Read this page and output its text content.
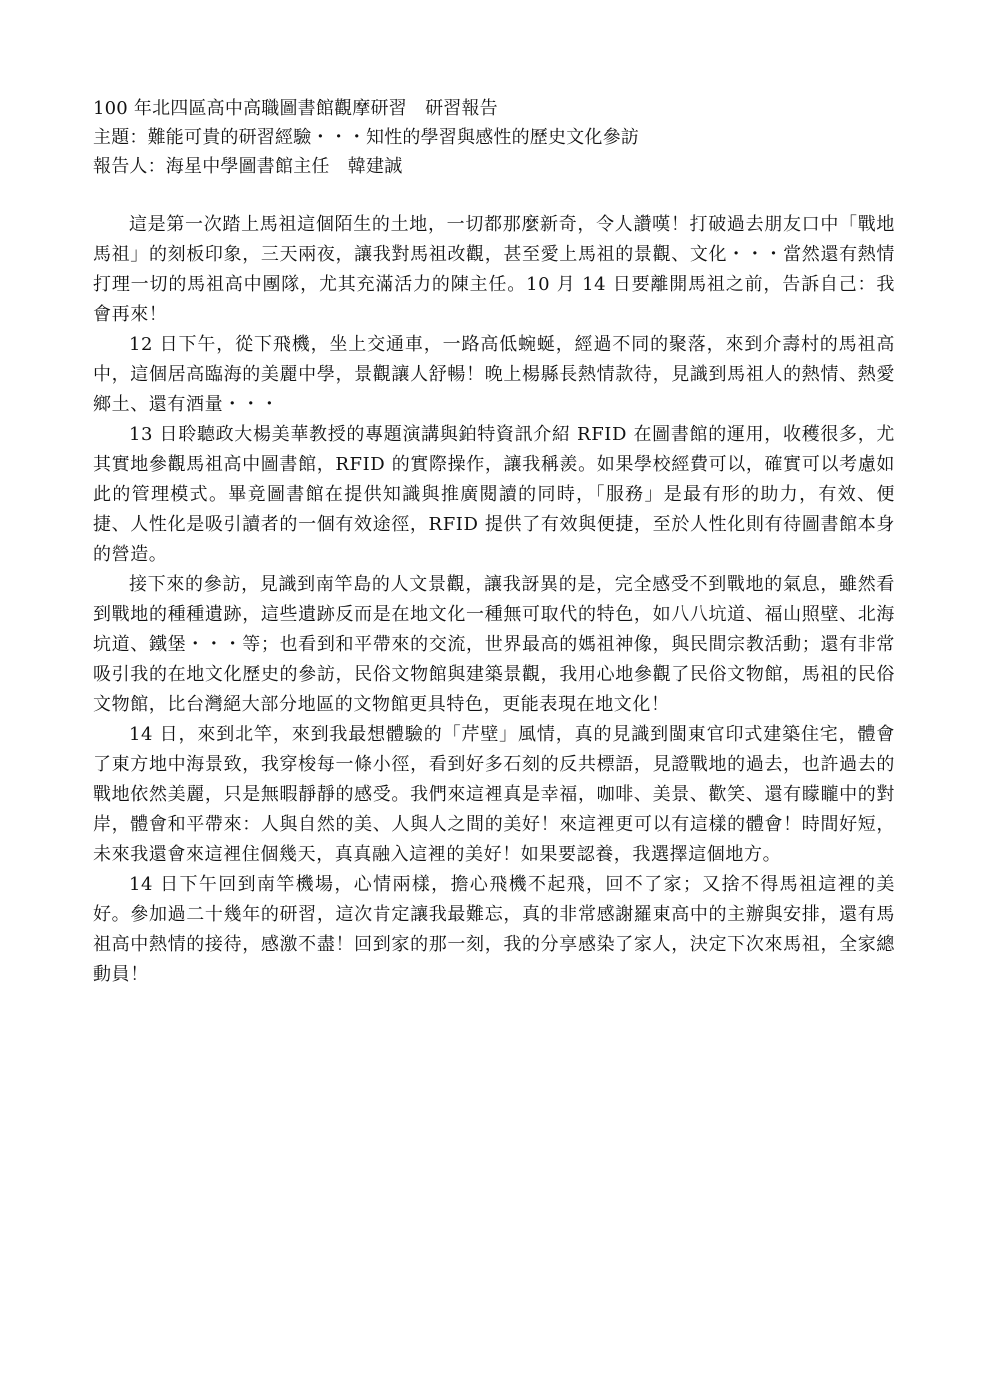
100 年北四區高中高職圖書館觀摩研習　研習報告
主題：難能可貴的研習經驗・・・知性的學習與感性的歷史文化參訪
報告人：海星中學圖書館主任　韓建誠

這是第一次踏上馬祖這個陌生的土地，一切都那麼新奇，令人讚嘆！打破過去朋友口中「戰地馬祖」的刻板印象，三天兩夜，讓我對馬祖改觀，甚至愛上馬祖的景觀、文化・・・當然還有熱情打理一切的馬祖高中團隊，尤其充滿活力的陳主任。10 月 14 日要離開馬祖之前，告訴自己：我會再來！

12 日下午，從下飛機，坐上交通車，一路高低蜿蜒，經過不同的聚落，來到介壽村的馬祖高中，這個居高臨海的美麗中學，景觀讓人舒暢！晚上楊縣長熱情款待，見識到馬祖人的熱情、熱愛鄉土、還有酒量・・・

13 日聆聽政大楊美華教授的專題演講與鉑特資訊介紹 RFID 在圖書館的運用，收穫很多，尤其實地參觀馬祖高中圖書館，RFID 的實際操作，讓我稱羨。如果學校經費可以，確實可以考慮如此的管理模式。畢竟圖書館在提供知識與推廣閱讀的同時，「服務」是最有形的助力，有效、便捷、人性化是吸引讀者的一個有效途徑，RFID 提供了有效與便捷，至於人性化則有待圖書館本身的營造。

接下來的參訪，見識到南竿島的人文景觀，讓我訝異的是，完全感受不到戰地的氣息，雖然看到戰地的種種遺跡，這些遺跡反而是在地文化一種無可取代的特色，如八八坑道、福山照壁、北海坑道、鐵堡・・・等；也看到和平帶來的交流，世界最高的媽祖神像，與民間宗教活動；還有非常吸引我的在地文化歷史的參訪，民俗文物館與建築景觀，我用心地參觀了民俗文物館，馬祖的民俗文物館，比台灣絕大部分地區的文物館更具特色，更能表現在地文化！

14 日，來到北竿，來到我最想體驗的「芹壁」風情，真的見識到閩東官印式建築住宅，體會了東方地中海景致，我穿梭每一條小徑，看到好多石刻的反共標語，見證戰地的過去，也許過去的戰地依然美麗，只是無暇靜靜的感受。我們來這裡真是幸福，咖啡、美景、歡笑、還有矇矓中的對岸，體會和平帶來：人與自然的美、人與人之間的美好！來這裡更可以有這樣的體會！時間好短，未來我還會來這裡住個幾天，真真融入這裡的美好！如果要認養，我選擇這個地方。

14 日下午回到南竿機場，心情兩樣，擔心飛機不起飛，回不了家；又捨不得馬祖這裡的美好。參加過二十幾年的研習，這次肯定讓我最難忘，真的非常感謝羅東高中的主辦與安排，還有馬祖高中熱情的接待，感激不盡！回到家的那一刻，我的分享感染了家人，決定下次來馬祖，全家總動員！
